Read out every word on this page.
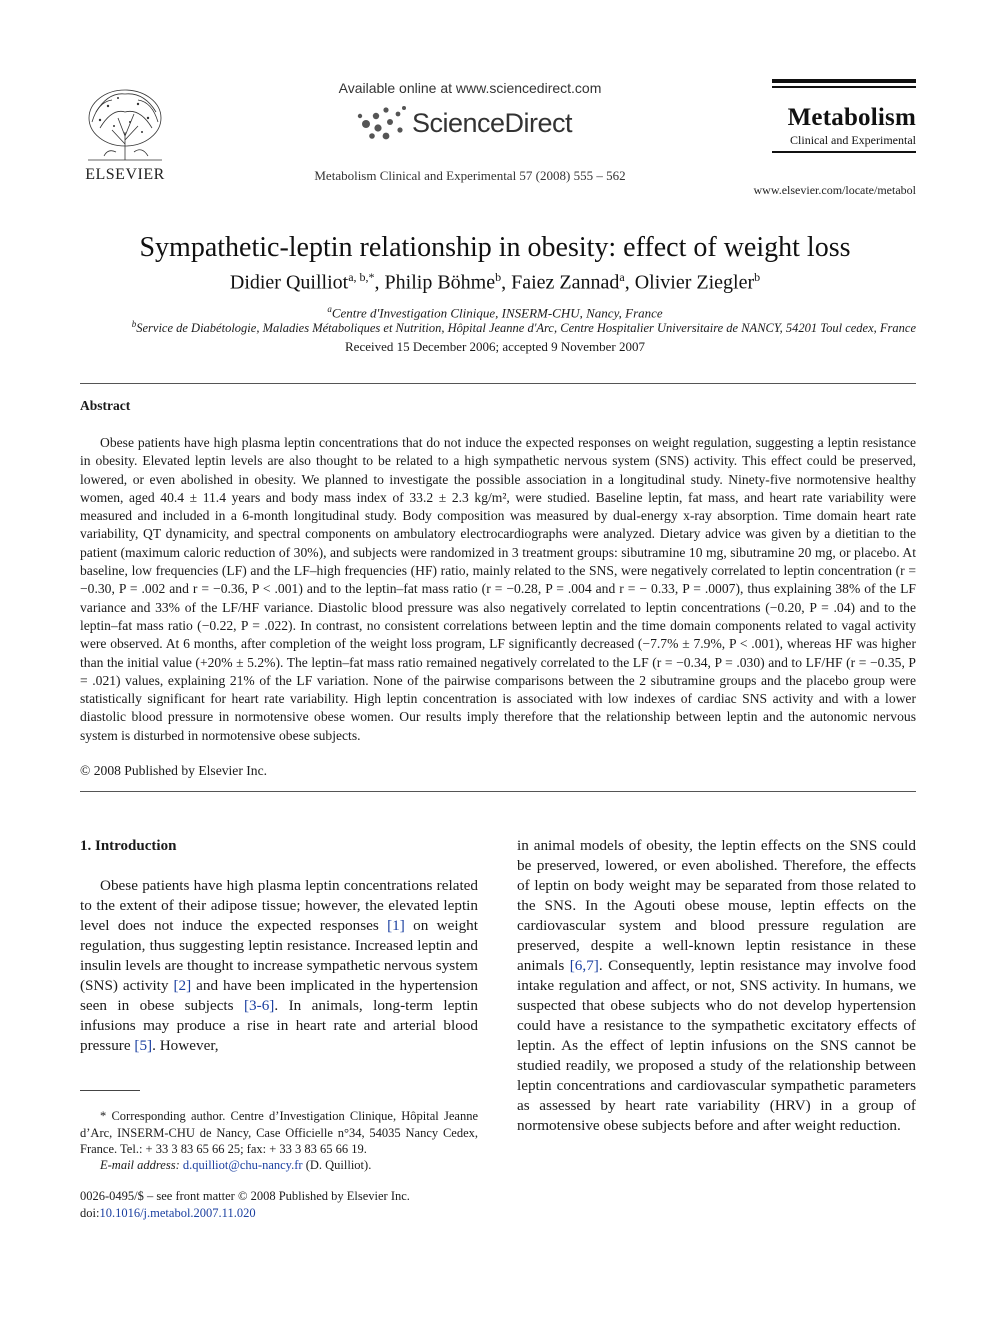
ELSEVIER
Available online at www.sciencedirect.com
ScienceDirect
Metabolism Clinical and Experimental 57 (2008) 555 – 562
Metabolism
Clinical and Experimental
www.elsevier.com/locate/metabol
Sympathetic-leptin relationship in obesity: effect of weight loss
Didier Quilliot$^{a, b,*}$, Philip Böhme$^b$, Faiez Zannad$^a$, Olivier Ziegler$^b$
$^a$Centre d'Investigation Clinique, INSERM-CHU, Nancy, France
$^b$Service de Diabétologie, Maladies Métaboliques et Nutrition, Hôpital Jeanne d'Arc, Centre Hospitalier Universitaire de NANCY, 54201 Toul cedex, France
Received 15 December 2006; accepted 9 November 2007
Abstract
Obese patients have high plasma leptin concentrations that do not induce the expected responses on weight regulation, suggesting a leptin resistance in obesity. Elevated leptin levels are also thought to be related to a high sympathetic nervous system (SNS) activity. This effect could be preserved, lowered, or even abolished in obesity. We planned to investigate the possible association in a longitudinal study. Ninety-five normotensive healthy women, aged 40.4 ± 11.4 years and body mass index of 33.2 ± 2.3 kg/m², were studied. Baseline leptin, fat mass, and heart rate variability were measured and included in a 6-month longitudinal study. Body composition was measured by dual-energy x-ray absorption. Time domain heart rate variability, QT dynamicity, and spectral components on ambulatory electrocardiographs were analyzed. Dietary advice was given by a dietitian to the patient (maximum caloric reduction of 30%), and subjects were randomized in 3 treatment groups: sibutramine 10 mg, sibutramine 20 mg, or placebo. At baseline, low frequencies (LF) and the LF–high frequencies (HF) ratio, mainly related to the SNS, were negatively correlated to leptin concentration (r = −0.30, P = .002 and r = −0.36, P < .001) and to the leptin–fat mass ratio (r = −0.28, P = .004 and r = − 0.33, P = .0007), thus explaining 38% of the LF variance and 33% of the LF/HF variance. Diastolic blood pressure was also negatively correlated to leptin concentrations (−0.20, P = .04) and to the leptin–fat mass ratio (−0.22, P = .022). In contrast, no consistent correlations between leptin and the time domain components related to vagal activity were observed. At 6 months, after completion of the weight loss program, LF significantly decreased (−7.7% ± 7.9%, P < .001), whereas HF was higher than the initial value (+20% ± 5.2%). The leptin–fat mass ratio remained negatively correlated to the LF (r = −0.34, P = .030) and to LF/HF (r = −0.35, P = .021) values, explaining 21% of the LF variation. None of the pairwise comparisons between the 2 sibutramine groups and the placebo group were statistically significant for heart rate variability. High leptin concentration is associated with low indexes of cardiac SNS activity and with a lower diastolic blood pressure in normotensive obese women. Our results imply therefore that the relationship between leptin and the autonomic nervous system is disturbed in normotensive obese subjects.
© 2008 Published by Elsevier Inc.
1. Introduction
Obese patients have high plasma leptin concentrations related to the extent of their adipose tissue; however, the elevated leptin level does not induce the expected responses [1] on weight regulation, thus suggesting leptin resistance. Increased leptin and insulin levels are thought to increase sympathetic nervous system (SNS) activity [2] and have been implicated in the hypertension seen in obese subjects [3-6]. In animals, long-term leptin infusions may produce a rise in heart rate and arterial blood pressure [5]. However,
in animal models of obesity, the leptin effects on the SNS could be preserved, lowered, or even abolished. Therefore, the effects of leptin on body weight may be separated from those related to the SNS. In the Agouti obese mouse, leptin effects on the cardiovascular system and blood pressure regulation are preserved, despite a well-known leptin resistance in these animals [6,7]. Consequently, leptin resistance may involve food intake regulation and affect, or not, SNS activity. In humans, we suspected that obese subjects who do not develop hypertension could have a resistance to the sympathetic excitatory effects of leptin. As the effect of leptin infusions on the SNS cannot be studied readily, we proposed a study of the relationship between leptin concentrations and cardiovascular sympathetic parameters as assessed by heart rate variability (HRV) in a group of normotensive obese subjects before and after weight reduction.
* Corresponding author. Centre d’Investigation Clinique, Hôpital Jeanne d’Arc, INSERM-CHU de Nancy, Case Officielle n°34, 54035 Nancy Cedex, France. Tel.: + 33 3 83 65 66 25; fax: + 33 3 83 65 66 19.
E-mail address: d.quilliot@chu-nancy.fr (D. Quilliot).
0026-0495/$ – see front matter © 2008 Published by Elsevier Inc.
doi:10.1016/j.metabol.2007.11.020
